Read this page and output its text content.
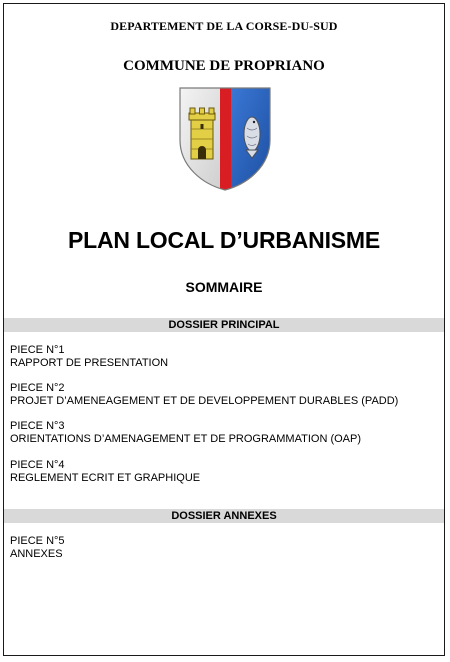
DEPARTEMENT DE LA CORSE-DU-SUD
COMMUNE DE PROPRIANO
PLAN LOCAL D’URBANISME
SOMMAIRE
DOSSIER PRINCIPAL
PIECE N°1
RAPPORT DE PRESENTATION
PIECE N°2
PROJET D’AMENEAGEMENT ET DE DEVELOPPEMENT DURABLES (PADD)
PIECE N°3
ORIENTATIONS D’AMENAGEMENT ET DE PROGRAMMATION (OAP)
PIECE N°4
REGLEMENT ECRIT ET GRAPHIQUE
DOSSIER ANNEXES
PIECE N°5
ANNEXES
